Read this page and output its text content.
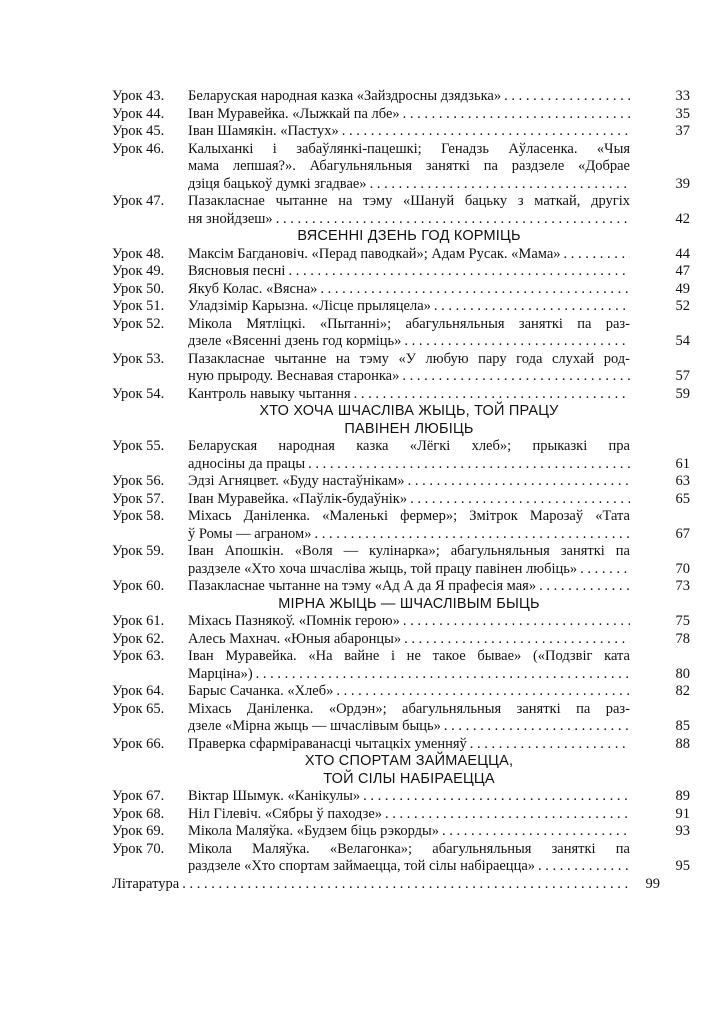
Урок 43. Беларуская народная казка «Зайздросны дзядзька» . . .	33
Урок 44. Іван Муравейка. «Лыжкай па лбе» . . .	35
Урок 45. Іван Шамякін. «Пастух» . . .	37
Урок 46. Калыханкі і забаўлянкі-пацешкі; Генадзь Аўласенка. «Чыя
мама лепшая?». Абагульняльныя заняткі па раздзеле «Добрае
дзіця бацькоў думкі згадвае» . . .	39
Урок 47. Пазакласнае чытанне на тэму «Шануй бацьку з маткай, другіх
ня знойдзеш» . . .	42
ВЯСЕННІ ДЗЕНЬ ГОД КОРМІЦЬ
Урок 48. Максім Багдановіч. «Перад паводкай»; Адам Русак. «Мама» . . .	44
Урок 49. Вясновыя песні . . .	47
Урок 50. Якуб Колас. «Вясна» . . .	49
Урок 51. Уладзімір Карызна. «Лісце прыляцела» . . .	52
Урок 52. Мікола Мятліцкі. «Пытанні»; абагульняльныя заняткі па раз-
дзеле «Вясенні дзень год корміць» . . .	54
Урок 53. Пазакласнае чытанне на тэму «У любую пару года слухай род-
ную прыроду. Веснавая старонка» . . .	57
Урок 54. Кантроль навыку чытання . . .	59
ХТО ХОЧА ШЧАСЛІВА ЖЫЦЬ, ТОЙ ПРАЦУ
ПАВІНЕН ЛЮБІЦЬ
Урок 55. Беларуская народная казка «Лёгкі хлеб»; прыказкі пра
адносіны да працы . . .	61
Урок 56. Эдзі Агняцвет. «Буду настаўнікам» . . .	63
Урок 57. Іван Муравейка. «Паўлік-будаўнік» . . .	65
Урок 58. Міхась Даніленка. «Маленькі фермер»; Змітрок Марозаў «Тата
ў Ромы — аграном» . . .	67
Урок 59. Іван Апошкін. «Воля — кулінарка»; абагульняльныя заняткі па
раздзеле «Хто хоча шчасліва жыць, той працу павінен любіць» . . .	70
Урок 60. Пазакласнае чытанне на тэму «Ад А да Я прафесія мая» . . .	73
МІРНА ЖЫЦЬ — ШЧАСЛІВЫМ БЫЦЬ
Урок 61. Міхась Пазнякоў. «Помнік герою» . . .	75
Урок 62. Алесь Махнач. «Юныя абаронцы» . . .	78
Урок 63. Іван Муравейка. «На вайне і не такое бывае» («Подзвіг ката
Марціна») . . .	80
Урок 64. Барыс Сачанка. «Хлеб» . . .	82
Урок 65. Міхась Даніленка. «Ордэн»; абагульняльныя заняткі па раз-
дзеле «Мірна жыць — шчаслівым быць» . . .	85
Урок 66. Праверка сфарміраванасці чытацкіх уменняў . . .	88
ХТО СПОРТАМ ЗАЙМАЕЦЦА,
ТОЙ СІЛЫ НАБІРАЕЦЦА
Урок 67. Віктар Шымук. «Канікулы» . . .	89
Урок 68. Ніл Гілевіч. «Сябры ў паходзе» . . .	91
Урок 69. Мікола Маляўка. «Будзем біць рэкорды» . . .	93
Урок 70. Мікола Маляўка. «Велагонка»; абагульняльныя заняткі па
раздзеле «Хто спортам займаецца, той сілы набіраецца» . . .	95
Літаратура . . .	99
